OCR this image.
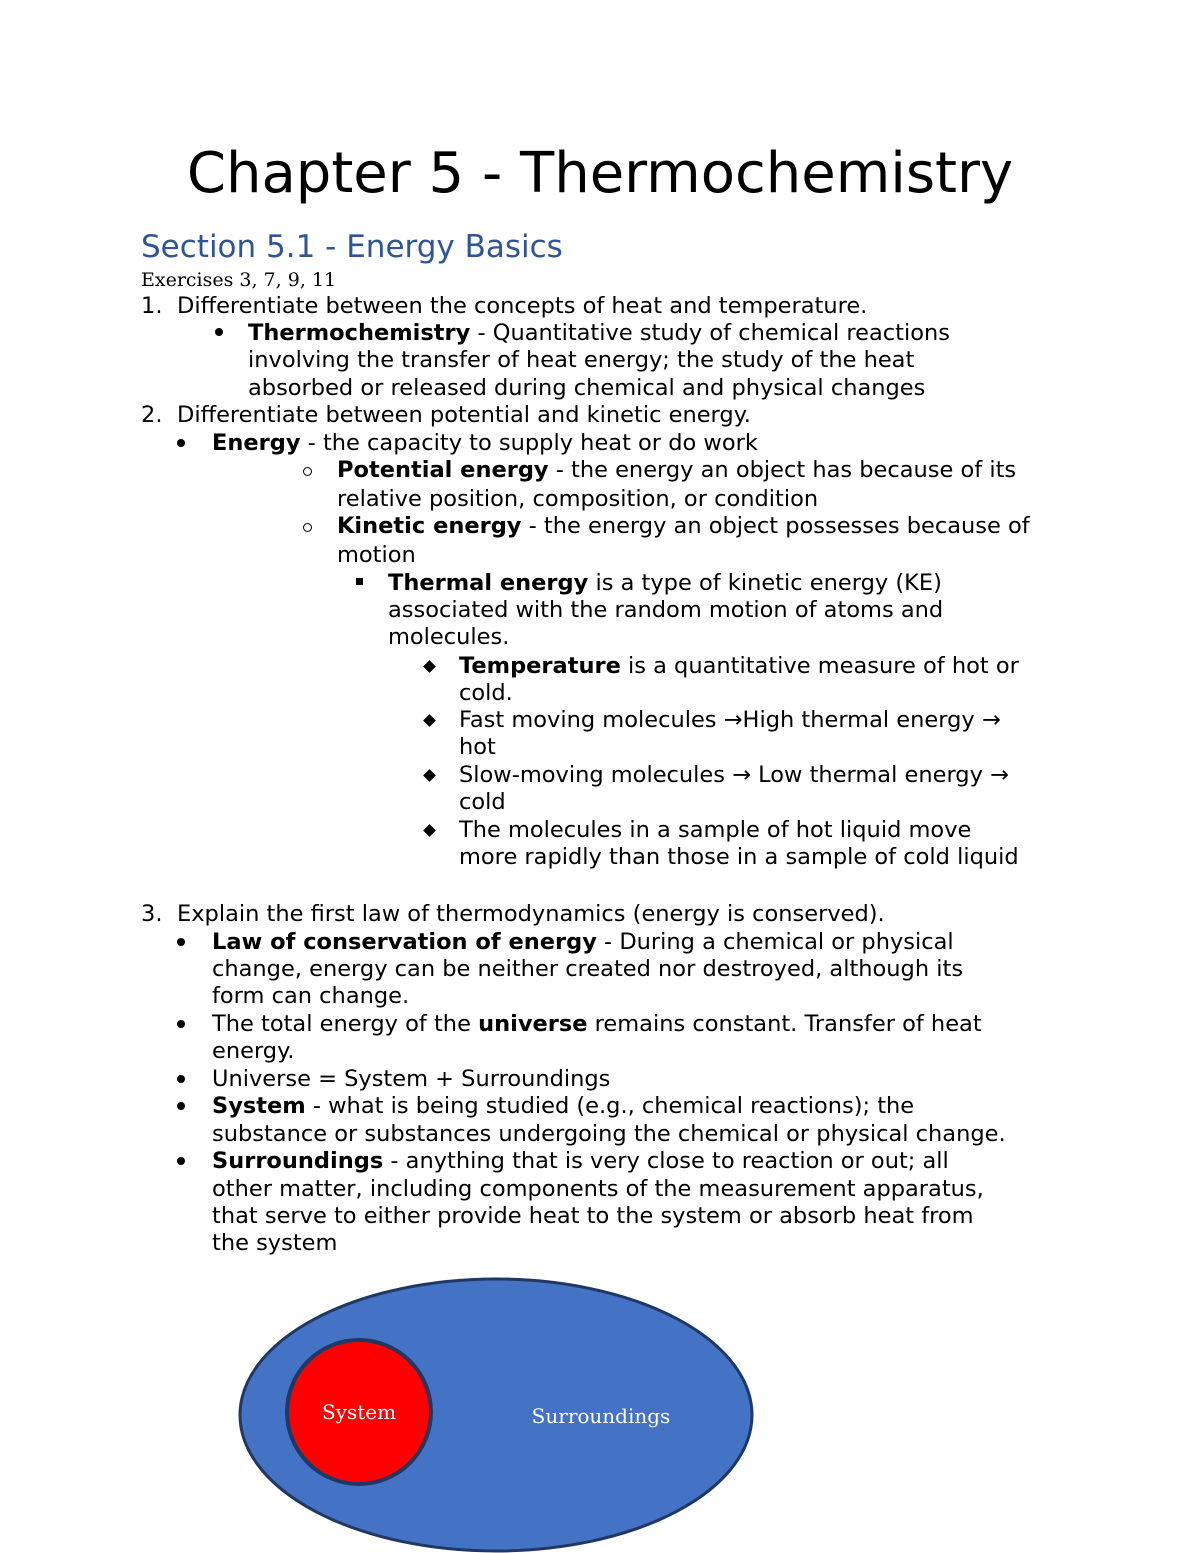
Chapter 5 - Thermochemistry
Section 5.1 - Energy Basics
Exercises 3, 7, 9, 11
1. Differentiate between the concepts of heat and temperature.
Thermochemistry - Quantitative study of chemical reactions
involving the transfer of heat energy; the study of the heat
absorbed or released during chemical and physical changes
2. Differentiate between potential and kinetic energy.
Energy - the capacity to supply heat or do work
Potential energy - the energy an object has because of its
relative position, composition, or condition
Kinetic energy - the energy an object possesses because of
motion
Thermal energy is a type of kinetic energy (KE)
associated with the random motion of atoms and
molecules.
Temperature is a quantitative measure of hot or
cold.
Fast moving molecules →High thermal energy →
hot
Slow-moving molecules → Low thermal energy →
cold
The molecules in a sample of hot liquid move
more rapidly than those in a sample of cold liquid
3. Explain the first law of thermodynamics (energy is conserved).
Law of conservation of energy - During a chemical or physical
change, energy can be neither created nor destroyed, although its
form can change.
The total energy of the universe remains constant. Transfer of heat
energy.
Universe = System + Surroundings
System - what is being studied (e.g., chemical reactions); the
substance or substances undergoing the chemical or physical change.
Surroundings - anything that is very close to reaction or out; all
other matter, including components of the measurement apparatus,
that serve to either provide heat to the system or absorb heat from
the system
System	Surroundings
